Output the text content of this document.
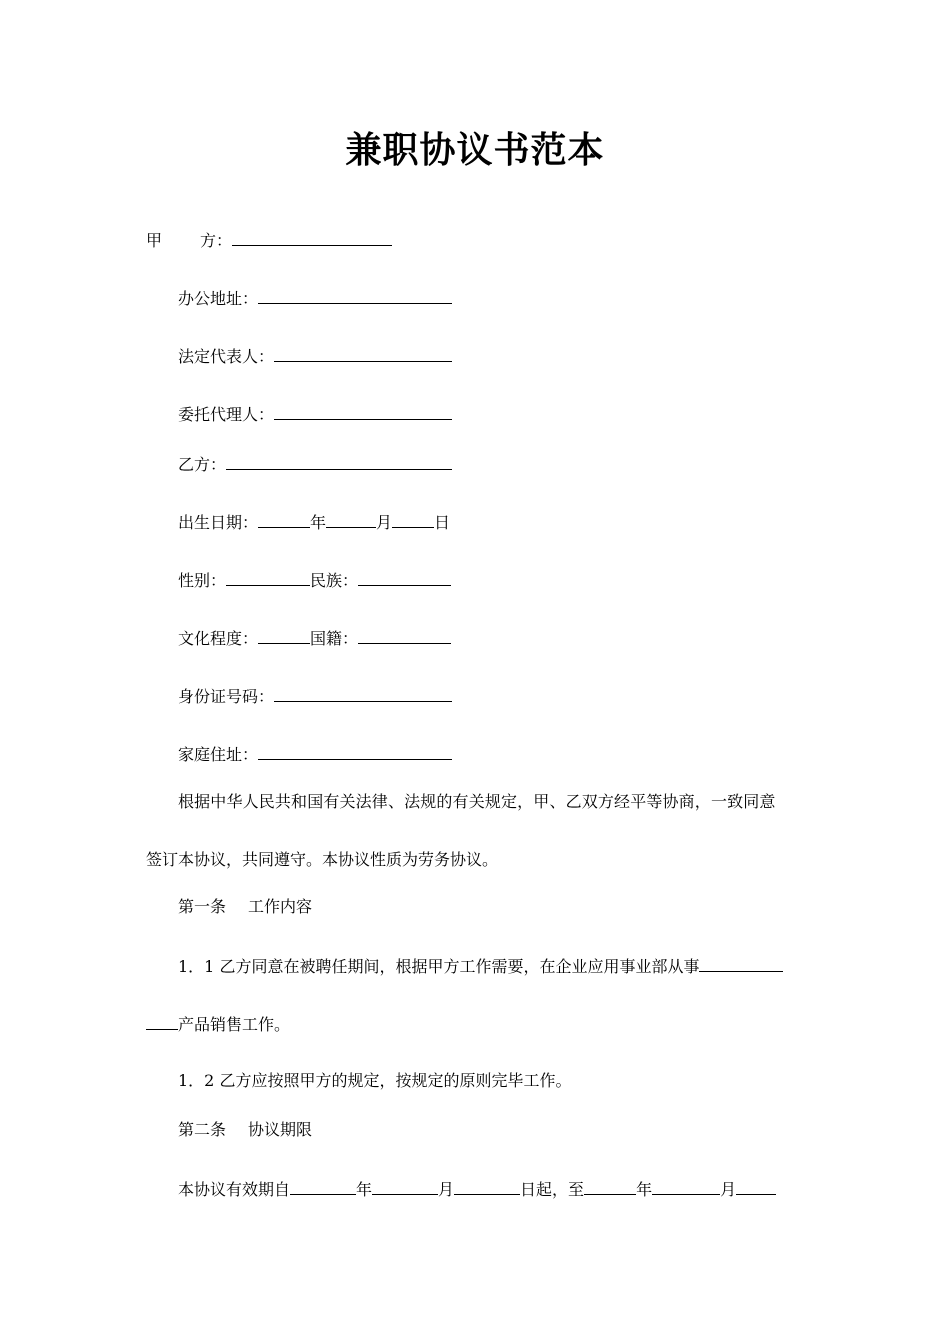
兼职协议书范本
甲 方：
办公地址：
法定代表人：
委托代理人：
乙方：
出生日期：	年	月	日
性别：	民族：
文化程度：	国籍：
身份证号码：
家庭住址：
根据中华人民共和国有关法律、法规的有关规定，甲、乙双方经平等协商，一致同意
签订本协议，共同遵守。本协议性质为劳务协议。
第一条 工作内容
1．1 乙方同意在被聘任期间，根据甲方工作需要，在企业应用事业部从事
产品销售工作。
1．2 乙方应按照甲方的规定，按规定的原则完毕工作。
第二条 协议期限
本协议有效期自	年	月	日起，至	年	月
